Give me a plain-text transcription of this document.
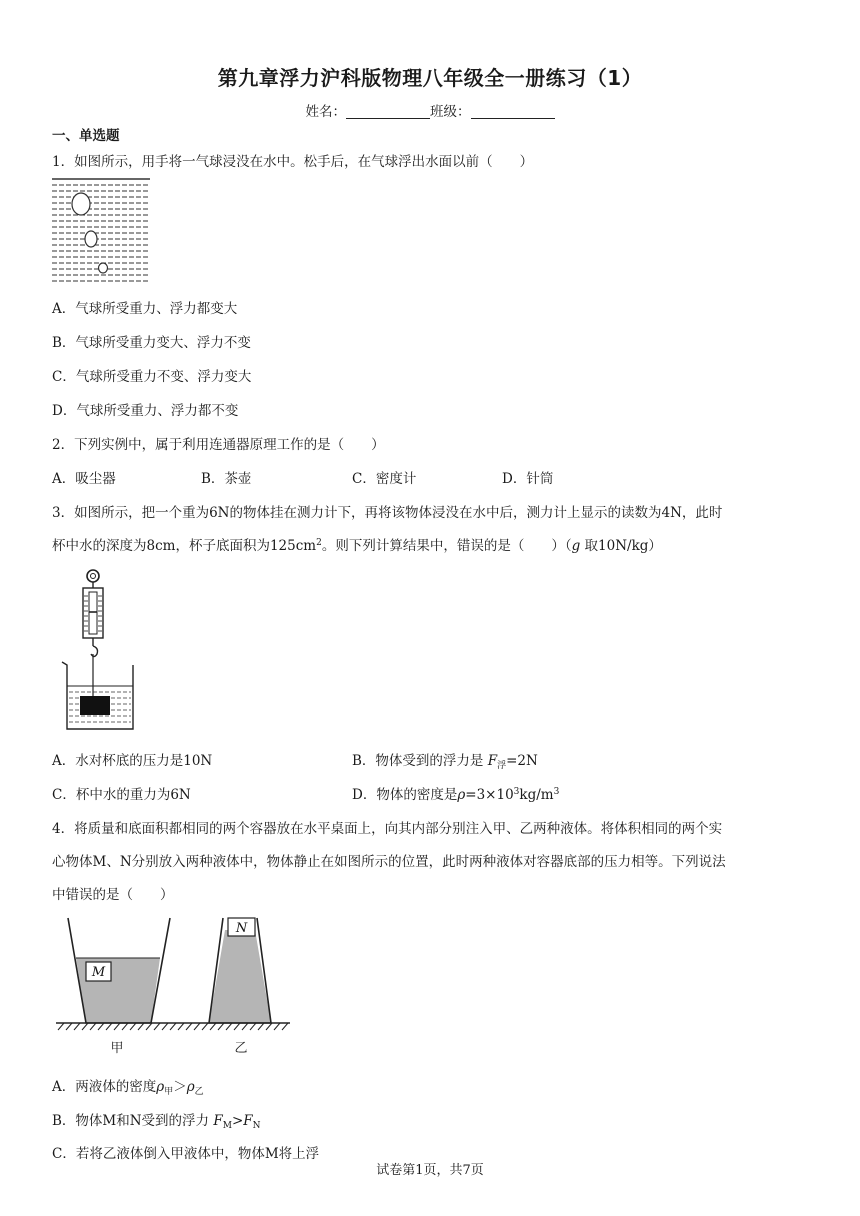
第九章浮力沪科版物理八年级全一册练习（1）
姓名：	班级：
一、单选题
1．如图所示，用手将一气球浸没在水中。松手后，在气球浮出水面以前（　　）
A．气球所受重力、浮力都变大
B．气球所受重力变大、浮力不变
C．气球所受重力不变、浮力变大
D．气球所受重力、浮力都不变
2．下列实例中，属于利用连通器原理工作的是（　　）
A．吸尘器	B．茶壶	C．密度计	D．针筒
3．如图所示，把一个重为6N的物体挂在测力计下，再将该物体浸没在水中后，测力计上显示的读数为4N，此时
杯中水的深度为8cm，杯子底面积为$125cm^2$。则下列计算结果中，错误的是（　　）（g 取10N/kg）
A．水对杯底的压力是10N	B．物体受到的浮力是 $F_浮=2N$
C．杯中水的重力为6N	D．物体的密度是$\rho=3\times 10^3kg/m^3$
4．将质量和底面积都相同的两个容器放在水平桌面上，向其内部分别注入甲、乙两种液体。将体积相同的两个实
心物体M、N分别放入两种液体中，物体静止在如图所示的位置，此时两种液体对容器底部的压力相等。下列说法
中错误的是（　　）
M
N
甲	乙
A．两液体的密度$\rho_甲>\rho_乙$
B．物体M和N受到的浮力 $F_M>F_N$
C．若将乙液体倒入甲液体中，物体M将上浮
试卷第1页，共7页
